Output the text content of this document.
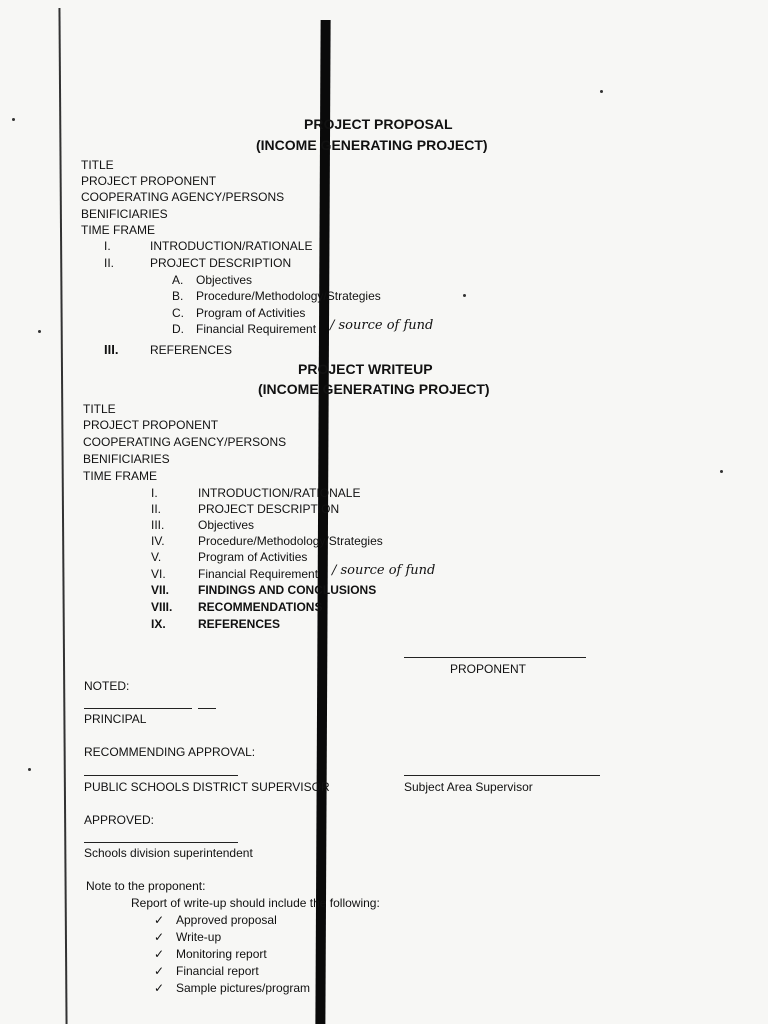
PROJECT PROPOSAL
(INCOME GENERATING PROJECT)
TITLE
PROJECT PROPONENT
COOPERATING AGENCY/PERSONS
BENIFICIARIES
TIME FRAME
I.	INTRODUCTION/RATIONALE
II.	PROJECT DESCRIPTION
A. Objectives
B. Procedure/Methodology/Strategies
C. Program of Activities
D. Financial Requirement / source of fund
III.	REFERENCES
PROJECT WRITEUP
(INCOME GENERATING PROJECT)
TITLE
PROJECT PROPONENT
COOPERATING AGENCY/PERSONS
BENIFICIARIES
TIME FRAME
I.	INTRODUCTION/RATIONALE
II.	PROJECT DESCRIPTION
III.	Objectives
IV.	Procedure/Methodology/Strategies
V.	Program of Activities
VI.	Financial Requirement / source of fund
VII. FINDINGS AND CONCLUSIONS
VIII. RECOMMENDATIONS
IX.	REFERENCES
PROPONENT
NOTED:
PRINCIPAL
RECOMMENDING APPROVAL:
PUBLIC SCHOOLS DISTRICT SUPERVISOR	Subject Area Supervisor
APPROVED:
Schools division superintendent
Note to the proponent:
Report of write-up should include the following:
✓ Approved proposal
✓ Write-up
✓ Monitoring report
✓ Financial report
✓ Sample pictures/program
